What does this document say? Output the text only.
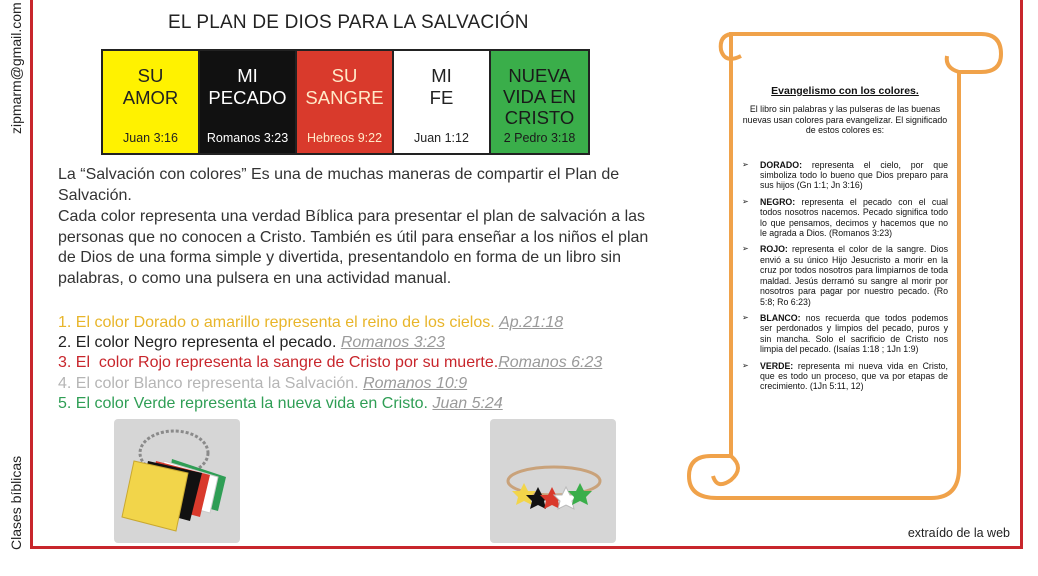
zipmarm@gmail.com
Clases bíblicas
EL PLAN DE DIOS PARA LA SALVACIÓN
SU
AMOR
Juan 3:16
MI
PECADO
Romanos 3:23
SU
SANGRE
Hebreos 9:22
MI
FE
Juan 1:12
NUEVA
VIDA EN
CRISTO
2 Pedro 3:18
La “Salvación con colores” Es una de muchas maneras de compartir el Plan de Salvación.
Cada color representa una verdad Bíblica para presentar el plan de salvación a las personas que no conocen a Cristo. También es útil para enseñar a los niños el plan de Dios de una forma simple y divertida, presentandolo en forma de un libro sin palabras, o como una pulsera en una actividad manual.
1. El color Dorado o amarillo representa el reino de los cielos. Ap.21:18
2. El color Negro representa el pecado. Romanos 3:23
3. El  color Rojo representa la sangre de Cristo por su muerte.Romanos 6:23
4. El color Blanco representa la Salvación. Romanos 10:9
5. El color Verde representa la nueva vida en Cristo. Juan 5:24
Evangelismo con los colores.
El libro sin palabras y las pulseras de las buenas nuevas usan colores para evangelizar. El significado de estos colores es:
➢	DORADO: representa el cielo, por que simboliza todo lo bueno que Dios preparo para sus hijos (Gn 1:1; Jn 3:16)
➢	NEGRO: representa el pecado con el cual todos nosotros nacemos. Pecado significa todo lo que pensamos, decimos y hacemos que no le agrada a Dios. (Romanos 3:23)
➢	ROJO: representa el color de la sangre. Dios envió a su único Hijo Jesucristo a morir en la cruz por todos nosotros para limpiarnos de toda maldad. Jesús derramó su sangre al morir por nosotros para pagar por nuestro pecado. (Ro 5:8; Ro 6:23)
➢	BLANCO: nos recuerda que todos podemos ser perdonados y limpios del pecado, puros y sin mancha. Solo el sacrificio de Cristo nos limpia del pecado. (Isaías 1:18 ; 1Jn 1:9)
➢	VERDE: representa mi nueva vida en Cristo, que es todo un proceso, que va por etapas de crecimiento. (1Jn 5:11, 12)
extraído de la web
